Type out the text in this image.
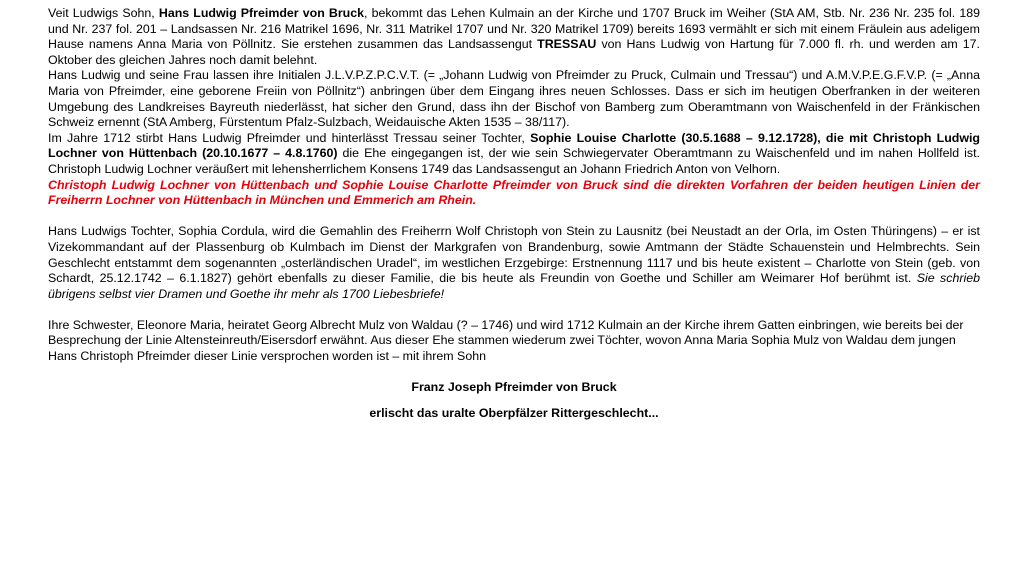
Veit Ludwigs Sohn, Hans Ludwig Pfreimder von Bruck, bekommt das Lehen Kulmain an der Kirche und 1707 Bruck im Weiher (StA AM, Stb. Nr. 236 Nr. 235 fol. 189 und Nr. 237 fol. 201 – Landsassen Nr. 216 Matrikel 1696, Nr. 311 Matrikel 1707 und Nr. 320 Matrikel 1709) bereits 1693 vermählt er sich mit einem Fräulein aus adeligem Hause namens Anna Maria von Pöllnitz. Sie erstehen zusammen das Landsassengut TRESSAU von Hans Ludwig von Hartung für 7.000 fl. rh. und werden am 17. Oktober des gleichen Jahres noch damit belehnt.

Hans Ludwig und seine Frau lassen ihre Initialen J.L.V.P.Z.P.C.V.T. (= „Johann Ludwig von Pfreimder zu Pruck, Culmain und Tressau“) und A.M.V.P.E.G.F.V.P. (= „Anna Maria von Pfreimder, eine geborene Freiin von Pöllnitz“) anbringen über dem Eingang ihres neuen Schlosses. Dass er sich im heutigen Oberfranken in der weiteren Umgebung des Landkreises Bayreuth niederlässt, hat sicher den Grund, dass ihn der Bischof von Bamberg zum Oberamtmann von Waischenfeld in der Fränkischen Schweiz ernennt (StA Amberg, Fürstentum Pfalz-Sulzbach, Weidauische Akten 1535 – 38/117).

Im Jahre 1712 stirbt Hans Ludwig Pfreimder und hinterlässt Tressau seiner Tochter, Sophie Louise Charlotte (30.5.1688 – 9.12.1728), die mit Christoph Ludwig Lochner von Hüttenbach (20.10.1677 – 4.8.1760) die Ehe eingegangen ist, der wie sein Schwiegervater Oberamtmann zu Waischenfeld und im nahen Hollfeld ist. Christoph Ludwig Lochner veräußert mit lehensherrlichem Konsens 1749 das Landsassengut an Johann Friedrich Anton von Velhorn.

Christoph Ludwig Lochner von Hüttenbach und Sophie Louise Charlotte Pfreimder von Bruck sind die direkten Vorfahren der beiden heutigen Linien der Freiherrn Lochner von Hüttenbach in München und Emmerich am Rhein.

Hans Ludwigs Tochter, Sophia Cordula, wird die Gemahlin des Freiherrn Wolf Christoph von Stein zu Lausnitz (bei Neustadt an der Orla, im Osten Thüringens) – er ist Vizekommandant auf der Plassenburg ob Kulmbach im Dienst der Markgrafen von Brandenburg, sowie Amtmann der Städte Schauenstein und Helmbrechts. Sein Geschlecht entstammt dem sogenannten „osterländischen Uradel“, im westlichen Erzgebirge: Erstnennung 1117 und bis heute existent – Charlotte von Stein (geb. von Schardt, 25.12.1742 – 6.1.1827) gehört ebenfalls zu dieser Familie, die bis heute als Freundin von Goethe und Schiller am Weimarer Hof berühmt ist. Sie schrieb übrigens selbst vier Dramen und Goethe ihr mehr als 1700 Liebesbriefe!

Ihre Schwester, Eleonore Maria, heiratet Georg Albrecht Mulz von Waldau (? – 1746) und wird 1712 Kulmain an der Kirche ihrem Gatten einbringen, wie bereits bei der Besprechung der Linie Altensteinreuth/Eisersdorf erwähnt. Aus dieser Ehe stammen wiederum zwei Töchter, wovon Anna Maria Sophia Mulz von Waldau dem jungen Hans Christoph Pfreimder dieser Linie versprochen worden ist – mit ihrem Sohn

Franz Joseph Pfreimder von Bruck

erlischt das uralte Oberpfälzer Rittergeschlecht...
